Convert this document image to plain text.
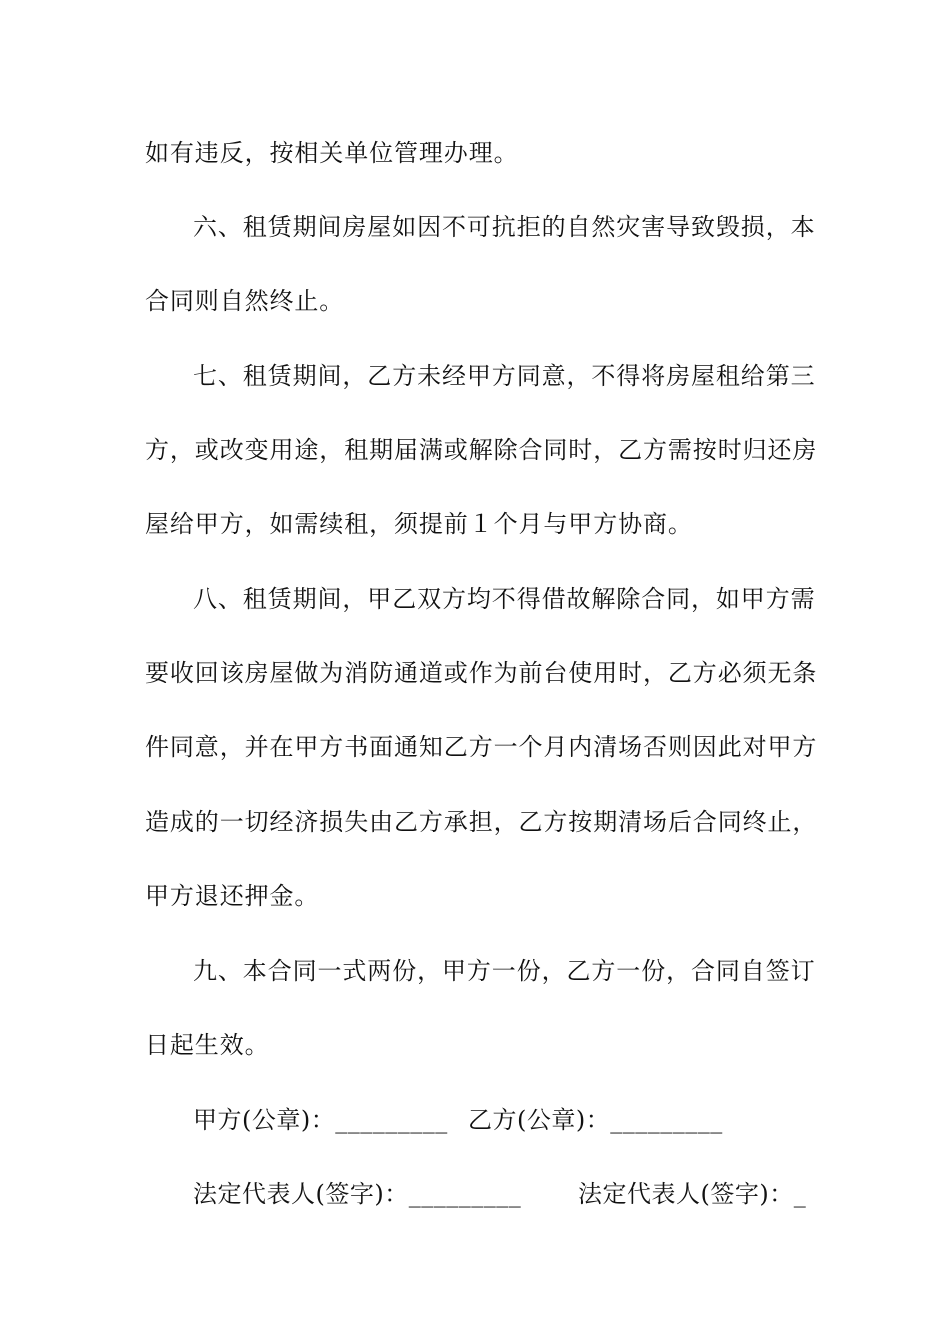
如有违反，按相关单位管理办理。
六、租赁期间房屋如因不可抗拒的自然灾害导致毁损，本
合同则自然终止。
七、租赁期间，乙方未经甲方同意，不得将房屋租给第三
方，或改变用途，租期届满或解除合同时，乙方需按时归还房
屋给甲方，如需续租，须提前１个月与甲方协商。
八、租赁期间，甲乙双方均不得借故解除合同，如甲方需
要收回该房屋做为消防通道或作为前台使用时，乙方必须无条
件同意，并在甲方书面通知乙方一个月内清场否则因此对甲方
造成的一切经济损失由乙方承担，乙方按期清场后合同终止，
甲方退还押金。
九、本合同一式两份，甲方一份，乙方一份，合同自签订
日起生效。
甲方(公章)：_________ 乙方(公章)：_________
法定代表人(签字)：_________ 法定代表人(签字)：_
